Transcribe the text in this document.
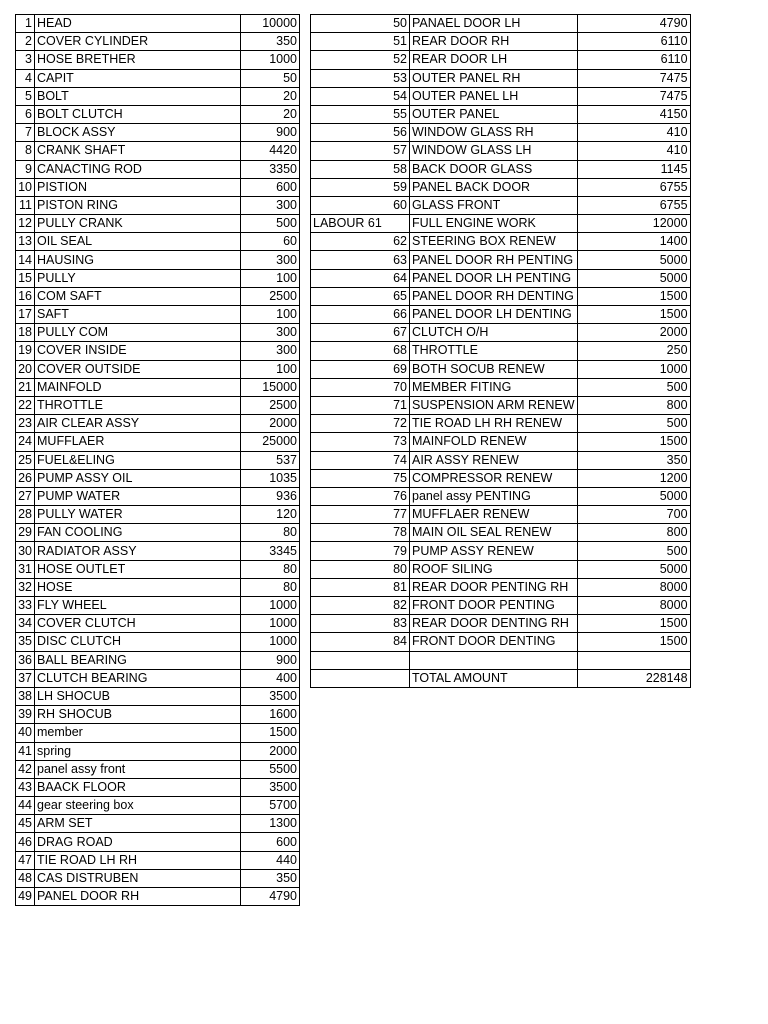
1	HEAD	10000
2	COVER CYLINDER	350
3	HOSE BRETHER	1000
4	CAPIT	50
5	BOLT	20
6	BOLT CLUTCH	20
7	BLOCK ASSY	900
8	CRANK SHAFT	4420
9	CANACTING ROD	3350
10	PISTION	600
11	PISTON RING	300
12	PULLY CRANK	500
13	OIL SEAL	60
14	HAUSING	300
15	PULLY	100
16	COM SAFT	2500
17	SAFT	100
18	PULLY COM	300
19	COVER INSIDE	300
20	COVER OUTSIDE	100
21	MAINFOLD	15000
22	THROTTLE	2500
23	AIR CLEAR ASSY	2000
24	MUFFLAER	25000
25	FUEL&ELING	537
26	PUMP ASSY OIL	1035
27	PUMP WATER	936
28	PULLY WATER	120
29	FAN COOLING	80
30	RADIATOR ASSY	3345
31	HOSE OUTLET	80
32	HOSE	80
33	FLY WHEEL	1000
34	COVER CLUTCH	1000
35	DISC CLUTCH	1000
36	BALL BEARING	900
37	CLUTCH BEARING	400
38	LH SHOCUB	3500
39	RH SHOCUB	1600
40	member	1500
41	spring	2000
42	panel assy front	5500
43	BAACK FLOOR	3500
44	gear steering box	5700
45	ARM SET	1300
46	DRAG ROAD	600
47	TIE ROAD LH RH	440
48	CAS DISTRUBEN	350
49	PANEL DOOR RH	4790
50	PANAEL DOOR LH	4790
51	REAR DOOR RH	6110
52	REAR DOOR LH	6110
53	OUTER PANEL RH	7475
54	OUTER PANEL LH	7475
55	OUTER PANEL	4150
56	WINDOW GLASS RH	410
57	WINDOW GLASS LH	410
58	BACK DOOR GLASS	1145
59	PANEL BACK DOOR	6755
60	GLASS FRONT	6755
LABOUR 61	FULL ENGINE WORK	12000
62	STEERING BOX RENEW	1400
63	PANEL DOOR RH PENTING	5000
64	PANEL DOOR LH PENTING	5000
65	PANEL DOOR RH DENTING	1500
66	PANEL DOOR LH DENTING	1500
67	CLUTCH O/H	2000
68	THROTTLE	250
69	BOTH SOCUB RENEW	1000
70	MEMBER FITING	500
71	SUSPENSION ARM RENEW	800
72	TIE ROAD LH RH RENEW	500
73	MAINFOLD RENEW	1500
74	AIR ASSY RENEW	350
75	COMPRESSOR RENEW	1200
76	panel assy PENTING	5000
77	MUFFLAER RENEW	700
78	MAIN OIL SEAL RENEW	800
79	PUMP ASSY RENEW	500
80	ROOF SILING	5000
81	REAR DOOR PENTING RH	8000
82	FRONT DOOR PENTING	8000
83	REAR DOOR DENTING RH	1500
84	FRONT DOOR DENTING	1500

	TOTAL AMOUNT	228148
